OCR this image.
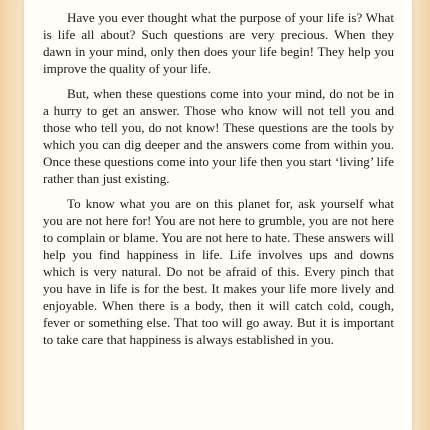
Have you ever thought what the purpose of your life is? What is life all about? Such questions are very precious. When they dawn in your mind, only then does your life begin! They help you improve the quality of your life.

But, when these questions come into your mind, do not be in a hurry to get an answer. Those who know will not tell you and those who tell you, do not know! These questions are the tools by which you can dig deeper and the answers come from within you. Once these questions come into your life then you start ‘living’ life rather than just existing.

To know what you are on this planet for, ask yourself what you are not here for! You are not here to grumble, you are not here to complain or blame. You are not here to hate. These answers will help you find happiness in life. Life involves ups and downs which is very natural. Do not be afraid of this. Every pinch that you have in life is for the best. It makes your life more lively and enjoyable. When there is a body, then it will catch cold, cough, fever or something else. That too will go away. But it is important to take care that happiness is always established in you.
